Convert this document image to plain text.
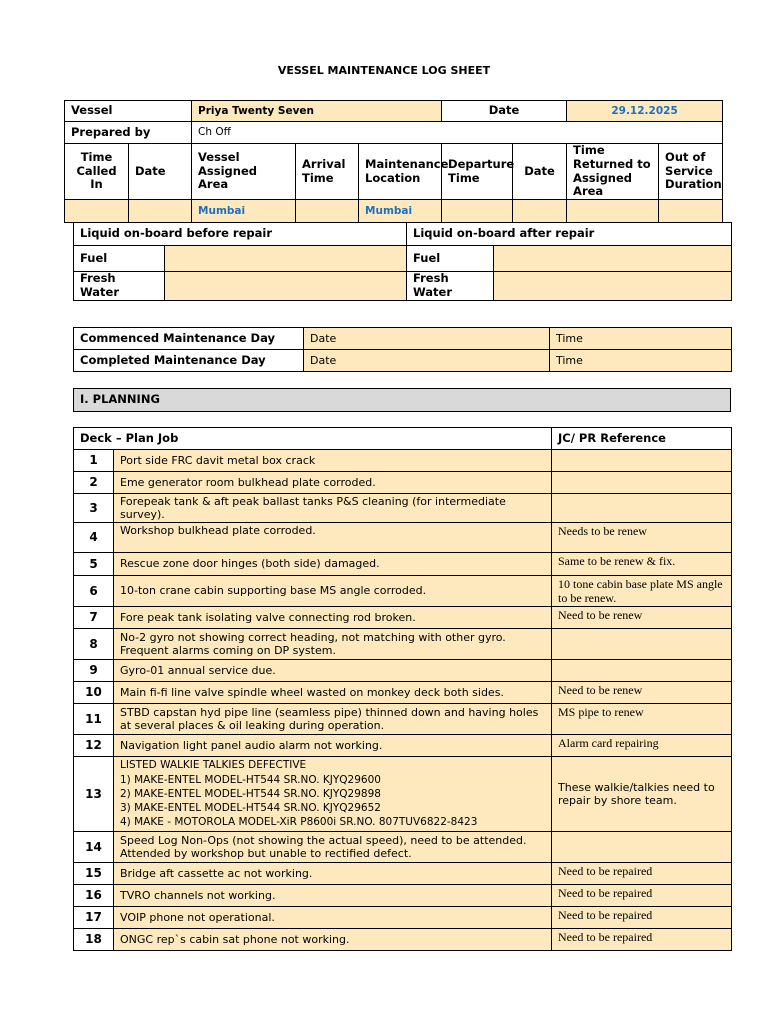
VESSEL MAINTENANCE LOG SHEET
Vessel		Priya Twenty Seven			Date		29.12.2025	
Prepared by		Ch Off						
Time Called In	Date	Vessel Assigned Area	Arrival Time	Maintenance Location	Departure Time	Date	Time Returned to Assigned Area	Out of Service Duration
		Mumbai		Mumbai				
Liquid on-board before repair		Liquid on-board after repair	
Fuel		Fuel	
Fresh Water		Fresh Water	
Commenced Maintenance Day	Date	Time
Completed Maintenance Day	Date	Time
I. PLANNING
Deck – Plan Job		JC/ PR Reference
1	Port side FRC davit metal box crack	
2	Eme generator room bulkhead plate corroded.	
3	Forepeak tank & aft peak ballast tanks P&S cleaning (for intermediate survey).	
4	Workshop bulkhead plate corroded.	Needs to be renew
5	Rescue zone door hinges (both side) damaged.	Same to be renew & fix.
6	10-ton crane cabin supporting base MS angle corroded.	10 tone cabin base plate MS angle to be renew.
7	Fore peak tank isolating valve connecting rod broken.	Need to be renew
8	No-2 gyro not showing correct heading, not matching with other gyro. Frequent alarms coming on DP system.	
9	Gyro-01 annual service due.	
10	Main fi-fi line valve spindle wheel wasted on monkey deck both sides.	Need to be renew
11	STBD capstan hyd pipe line (seamless pipe) thinned down and having holes at several places & oil leaking during operation.	MS pipe to renew
12	Navigation light panel audio alarm not working.	Alarm card repairing
13	LISTED WALKIE TALKIES DEFECTIVE
1) MAKE-ENTEL MODEL-HT544 SR.NO. KJYQ29600
2) MAKE-ENTEL MODEL-HT544 SR.NO. KJYQ29898
3) MAKE-ENTEL MODEL-HT544 SR.NO. KJYQ29652
4) MAKE - MOTOROLA MODEL-XiR P8600i SR.NO. 807TUV6822-8423	These walkie/talkies need to repair by shore team.
14	Speed Log Non-Ops (not showing the actual speed), need to be attended. Attended by workshop but unable to rectified defect.	
15	Bridge aft cassette ac not working.	Need to be repaired
16	TVRO channels not working.	Need to be repaired
17	VOIP phone not operational.	Need to be repaired
18	ONGC rep`s cabin sat phone not working.	Need to be repaired
